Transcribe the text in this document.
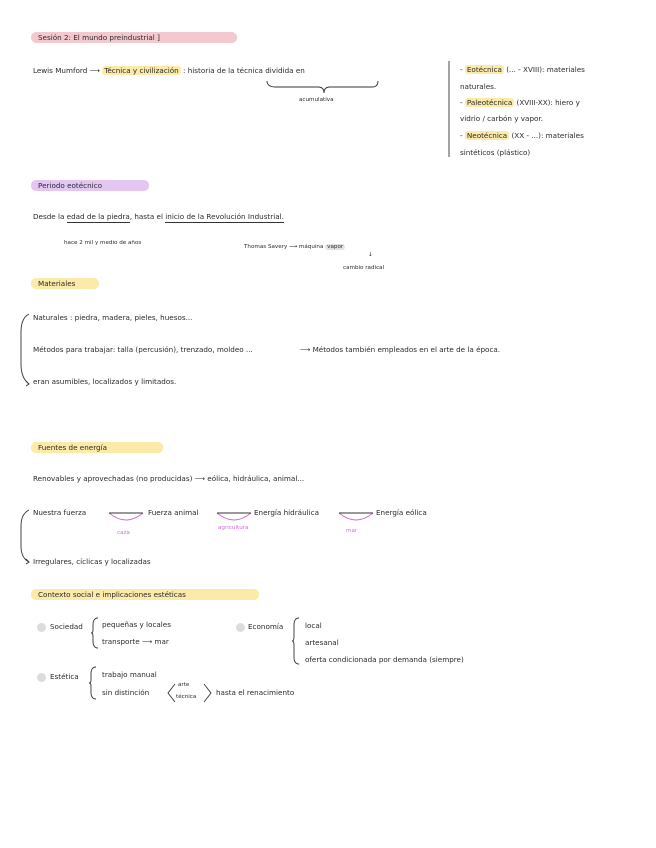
Sesión 2: El mundo preindustrial ]
Lewis Mumford ⟶ Técnica y civilización : historia de la técnica dividida en
acumulativa
- Eotécnica (... - XVIII): materiales
naturales.
- Paleotécnica (XVIII-XX): hiero y
vidrio / carbón y vapor.
- Neotécnica (XX - ...): materiales
sintéticos (plástico)
Periodo eotécnico
Desde la edad de la piedra, hasta el inicio de la Revolución Industrial.
hace 2 mil y medio de años
Thomas Savery ⟶ máquina vapor
↓
cambio radical
Materiales
Naturales : piedra, madera, pieles, huesos...
Métodos para trabajar: talla (percusión), trenzado, moldeo ...	⟶ Métodos también empleados en el arte de la época.
eran asumibles, localizados y limitados.
Fuentes de energía
Renovables y aprovechadas (no producidas) ⟶ eólica, hidráulica, animal...
Nuestra fuerza
caza
Fuerza animal
agricultura
Energía hidráulica
mar
Energía eólica
Irregulares, cíclicas y localizadas
Contexto social e implicaciones estéticas
Sociedad	pequeñas y locales
transporte ⟶ mar
Economía	local
artesanal
oferta condicionada por demanda (siempre)
Estética	trabajo manual
sin distinción
arte
técnica	hasta el renacimiento
